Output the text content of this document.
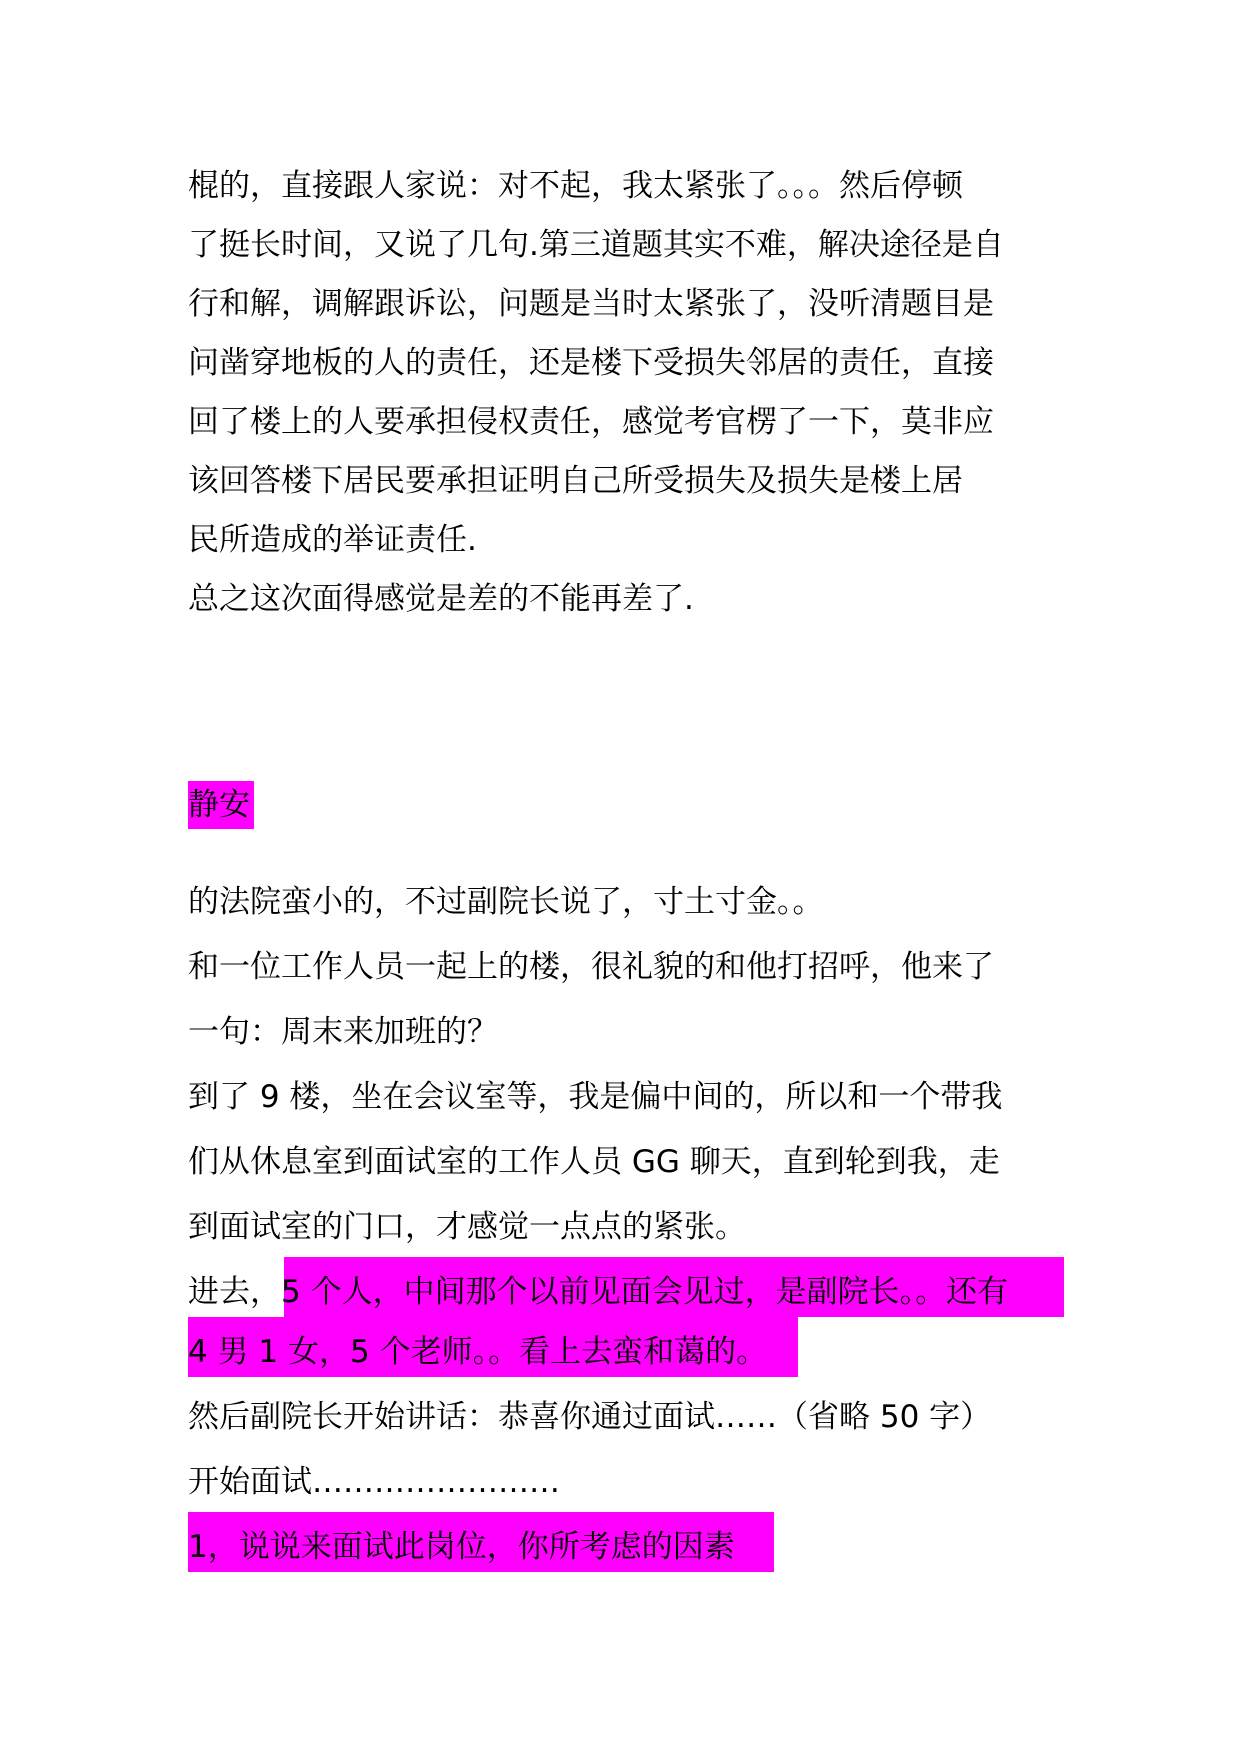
棍的，直接跟人家说：对不起，我太紧张了。。。然后停顿
了挺长时间，又说了几句.第三道题其实不难，解决途径是自
行和解，调解跟诉讼，问题是当时太紧张了，没听清题目是
问凿穿地板的人的责任，还是楼下受损失邻居的责任，直接
回了楼上的人要承担侵权责任，感觉考官楞了一下，莫非应
该回答楼下居民要承担证明自己所受损失及损失是楼上居
民所造成的举证责任.
总之这次面得感觉是差的不能再差了.
静安
的法院蛮小的，不过副院长说了，寸土寸金。。
和一位工作人员一起上的楼，很礼貌的和他打招呼，他来了
一句：周末来加班的？
到了 9 楼，坐在会议室等，我是偏中间的，所以和一个带我
们从休息室到面试室的工作人员 GG 聊天，直到轮到我，走
到面试室的门口，才感觉一点点的紧张。
进去，5 个人，中间那个以前见面会见过，是副院长。。还有
4 男 1 女，5 个老师。。看上去蛮和蔼的。
然后副院长开始讲话：恭喜你通过面试……（省略 50 字）
开始面试……………………
1，说说来面试此岗位，你所考虑的因素
